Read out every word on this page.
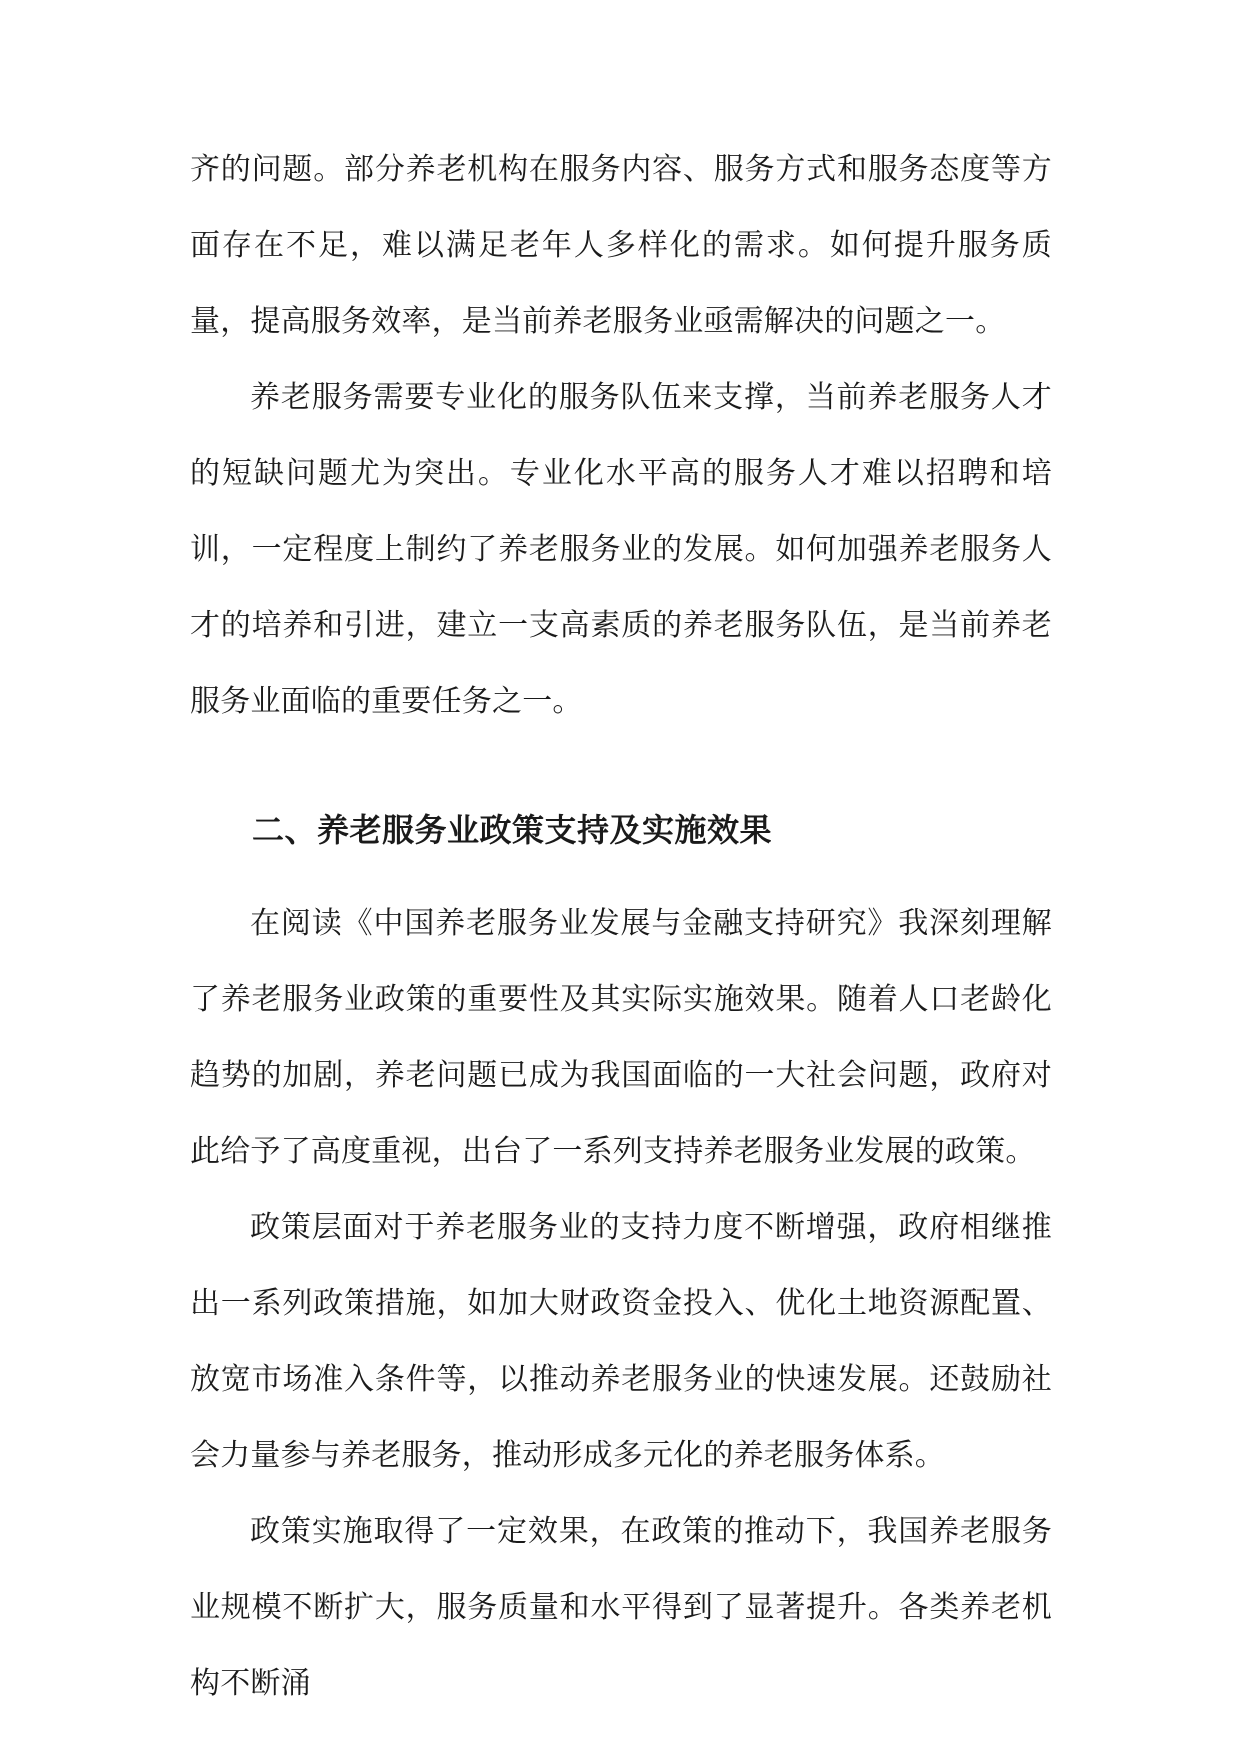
齐的问题。部分养老机构在服务内容、服务方式和服务态度等方面存在不足，难以满足老年人多样化的需求。如何提升服务质量，提高服务效率，是当前养老服务业亟需解决的问题之一。

养老服务需要专业化的服务队伍来支撑，当前养老服务人才的短缺问题尤为突出。专业化水平高的服务人才难以招聘和培训，一定程度上制约了养老服务业的发展。如何加强养老服务人才的培养和引进，建立一支高素质的养老服务队伍，是当前养老服务业面临的重要任务之一。

二、养老服务业政策支持及实施效果

在阅读《中国养老服务业发展与金融支持研究》我深刻理解了养老服务业政策的重要性及其实际实施效果。随着人口老龄化趋势的加剧，养老问题已成为我国面临的一大社会问题，政府对此给予了高度重视，出台了一系列支持养老服务业发展的政策。

政策层面对于养老服务业的支持力度不断增强，政府相继推出一系列政策措施，如加大财政资金投入、优化土地资源配置、放宽市场准入条件等，以推动养老服务业的快速发展。还鼓励社会力量参与养老服务，推动形成多元化的养老服务体系。

政策实施取得了一定效果，在政策的推动下，我国养老服务业规模不断扩大，服务质量和水平得到了显著提升。各类养老机构不断涌
